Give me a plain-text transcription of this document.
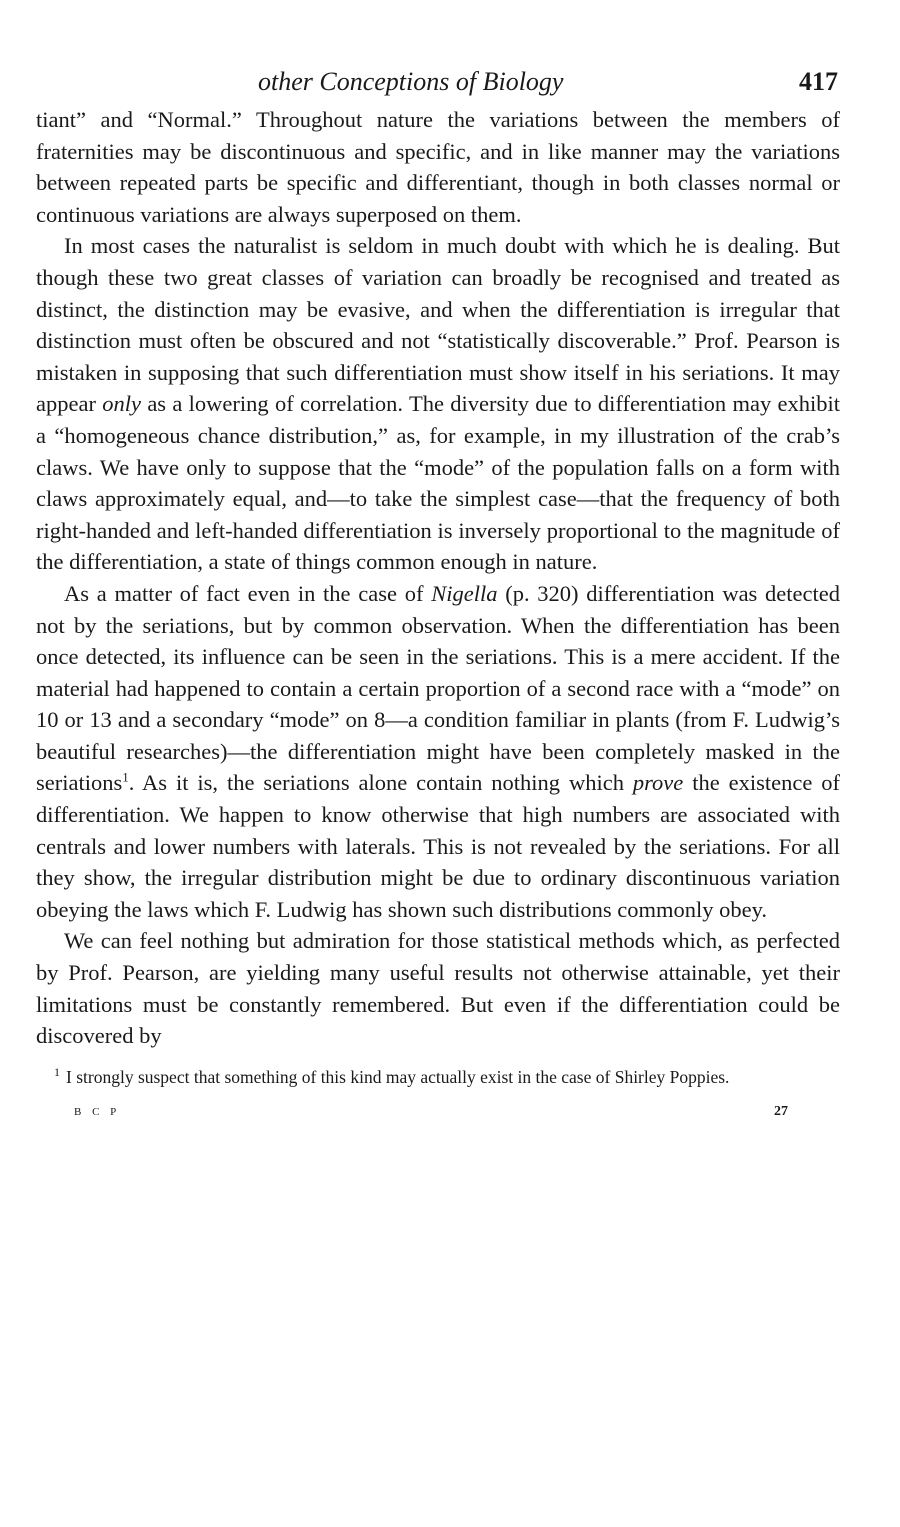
other Conceptions of Biology	417

tiant” and “Normal.” Throughout nature the variations between the members of fraternities may be discontinuous and specific, and in like manner may the variations between repeated parts be specific and differentiant, though in both classes normal or continuous variations are always superposed on them.

In most cases the naturalist is seldom in much doubt with which he is dealing. But though these two great classes of variation can broadly be recognised and treated as distinct, the distinction may be evasive, and when the differentiation is irregular that distinction must often be obscured and not “statistically discoverable.” Prof. Pearson is mistaken in supposing that such differentiation must show itself in his seriations. It may appear only as a lowering of correlation. The diversity due to differentiation may exhibit a “homogeneous chance distribution,” as, for example, in my illustration of the crab’s claws. We have only to suppose that the “mode” of the population falls on a form with claws approximately equal, and—to take the simplest case—that the frequency of both right-handed and left-handed differentiation is inversely proportional to the magnitude of the differentiation, a state of things common enough in nature.

As a matter of fact even in the case of Nigella (p. 320) differentiation was detected not by the seriations, but by common observation. When the differentiation has been once detected, its influence can be seen in the seriations. This is a mere accident. If the material had happened to contain a certain proportion of a second race with a “mode” on 10 or 13 and a secondary “mode” on 8—a condition familiar in plants (from F. Ludwig’s beautiful researches)—the differentiation might have been completely masked in the seriations$^1$. As it is, the seriations alone contain nothing which prove the existence of differentiation. We happen to know otherwise that high numbers are associated with centrals and lower numbers with laterals. This is not revealed by the seriations. For all they show, the irregular distribution might be due to ordinary discontinuous variation obeying the laws which F. Ludwig has shown such distributions commonly obey.

We can feel nothing but admiration for those statistical methods which, as perfected by Prof. Pearson, are yielding many useful results not otherwise attainable, yet their limitations must be constantly remembered. But even if the differentiation could be discovered by

$^1$ I strongly suspect that something of this kind may actually exist in the case of Shirley Poppies.
B C P	27
